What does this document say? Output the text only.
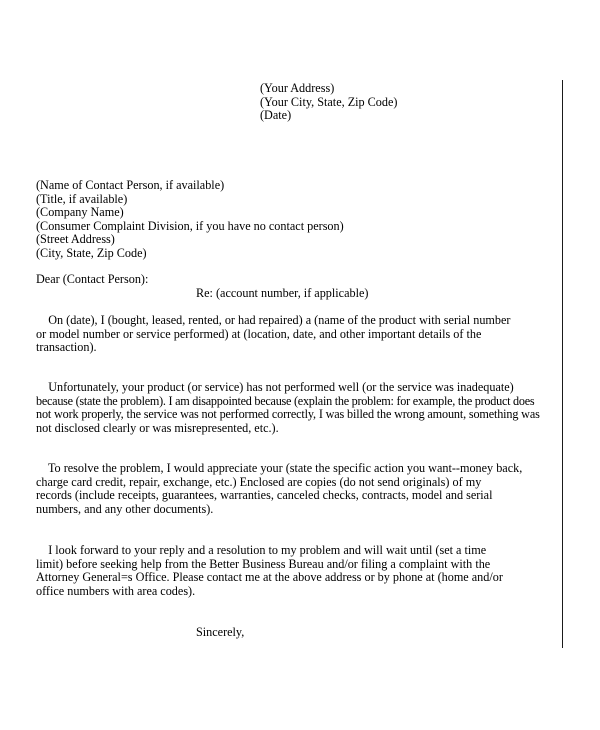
(Your Address)
(Your City, State, Zip Code)
(Date)
(Name of Contact Person, if available)
(Title, if available)
(Company Name)
(Consumer Complaint Division, if you have no contact person)
(Street Address)
(City, State, Zip Code)
Dear (Contact Person):
Re: (account number, if applicable)
On (date), I (bought, leased, rented, or had repaired) a (name of the product with serial number
or model number or service performed) at (location, date, and other important details of the
transaction).
Unfortunately, your product (or service) has not performed well (or the service was inadequate)
because (state the problem). I am disappointed because (explain the problem: for example, the product does
not work properly, the service was not performed correctly, I was billed the wrong amount, something was
not disclosed clearly or was misrepresented, etc.).
To resolve the problem, I would appreciate your (state the specific action you want--money back,
charge card credit, repair, exchange, etc.) Enclosed are copies (do not send originals) of my
records (include receipts, guarantees, warranties, canceled checks, contracts, model and serial
numbers, and any other documents).
I look forward to your reply and a resolution to my problem and will wait until (set a time
limit) before seeking help from the Better Business Bureau and/or filing a complaint with the
Attorney General=s Office. Please contact me at the above address or by phone at (home and/or
office numbers with area codes).
Sincerely,
